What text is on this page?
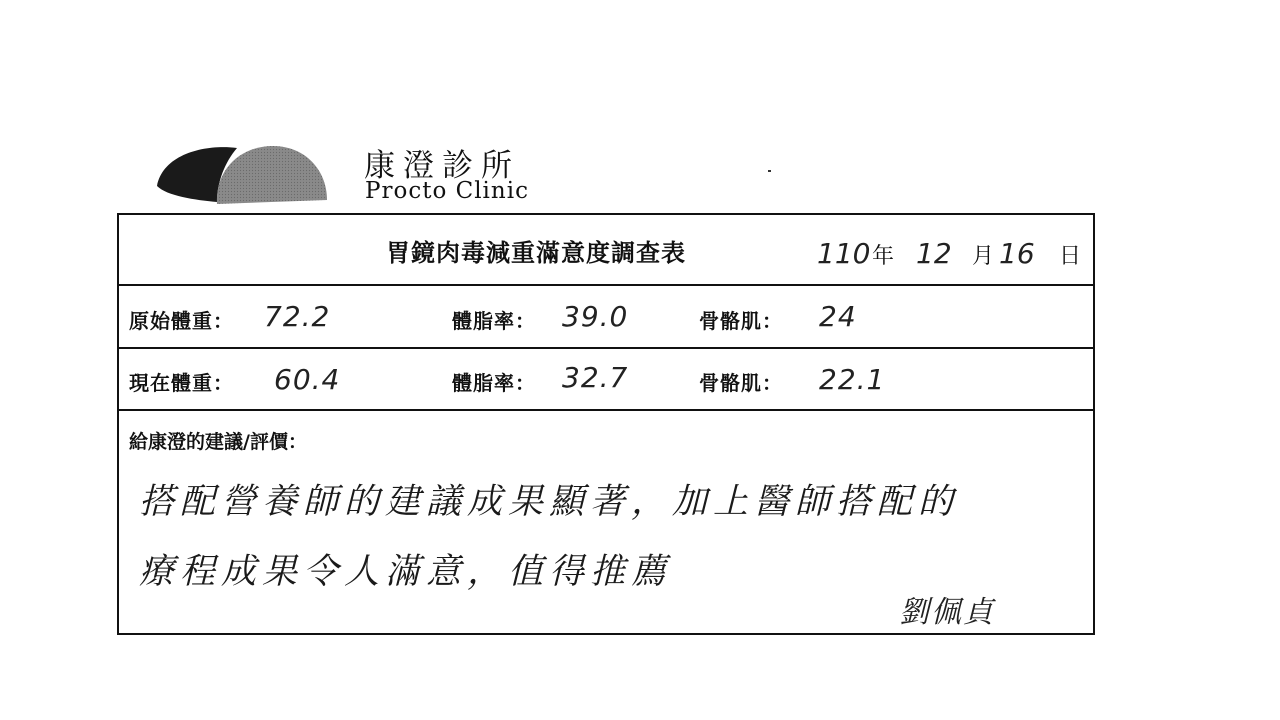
康澄診所
Procto Clinic
胃鏡肉毒減重滿意度調查表	110 年 12 月 16 日
原始體重： 72.2	體脂率： 39.0	骨骼肌： 24
現在體重： 60.4	體脂率： 32.7	骨骼肌： 22.1
給康澄的建議/評價：
搭配營養師的建議成果顯著，加上醫師搭配的
療程成果令人滿意，值得推薦
劉佩貞
